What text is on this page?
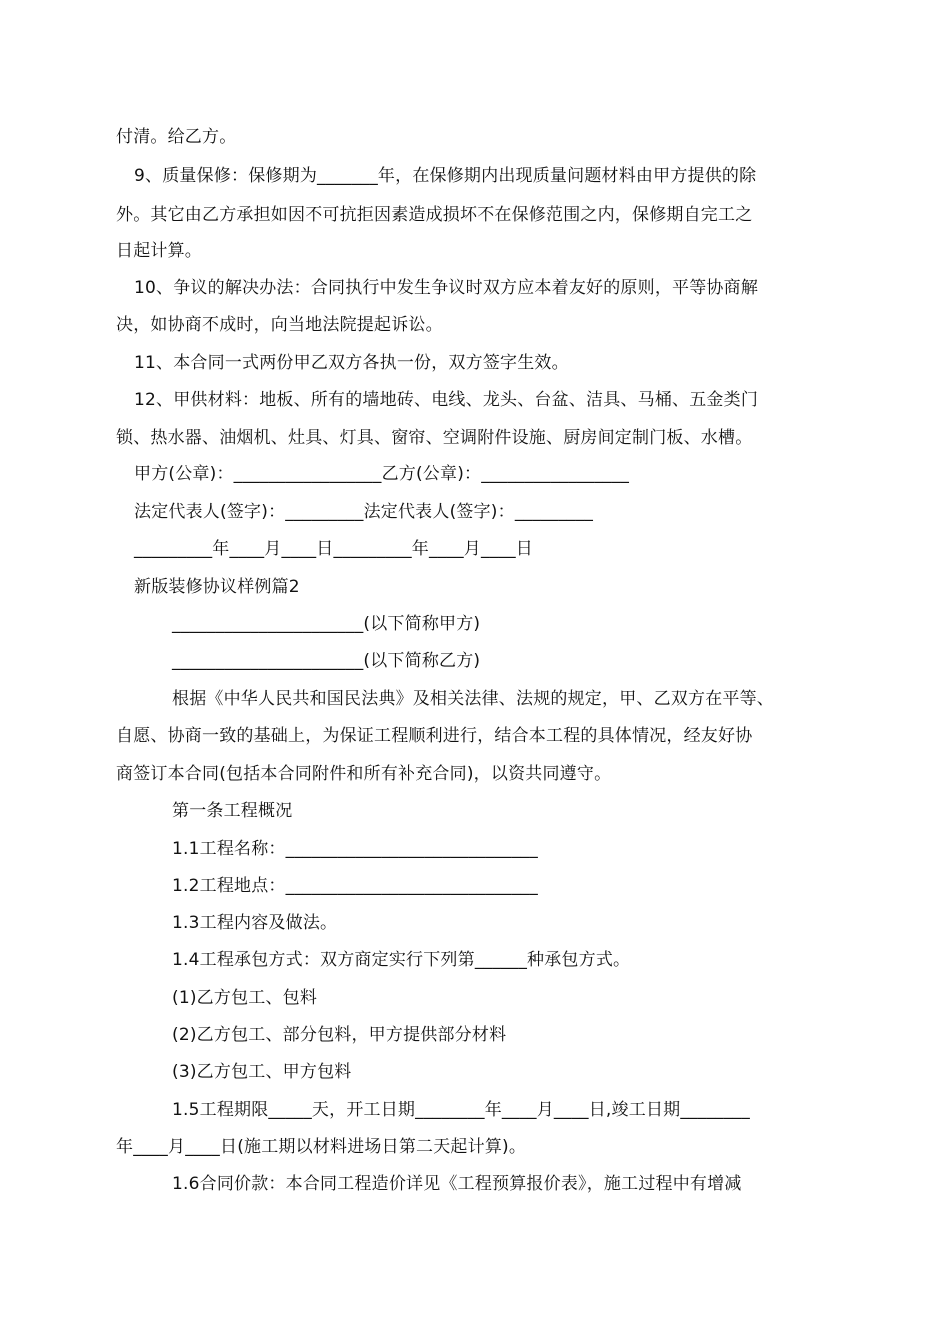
付清。给乙方。
9、质量保修：保修期为_______年，在保修期内出现质量问题材料由甲方提供的除
外。其它由乙方承担如因不可抗拒因素造成损坏不在保修范围之内，保修期自完工之
日起计算。
10、争议的解决办法：合同执行中发生争议时双方应本着友好的原则，平等协商解
决，如协商不成时，向当地法院提起诉讼。
11、本合同一式两份甲乙双方各执一份，双方签字生效。
12、甲供材料：地板、所有的墙地砖、电线、龙头、台盆、洁具、马桶、五金类门
锁、热水器、油烟机、灶具、灯具、窗帘、空调附件设施、厨房间定制门板、水槽。
甲方(公章)：_________________乙方(公章)：_________________
法定代表人(签字)：_________法定代表人(签字)：_________
_________年____月____日_________年____月____日
新版装修协议样例篇2
______________________(以下简称甲方)
______________________(以下简称乙方)
根据《中华人民共和国民法典》及相关法律、法规的规定，甲、乙双方在平等、
自愿、协商一致的基础上，为保证工程顺利进行，结合本工程的具体情况，经友好协
商签订本合同(包括本合同附件和所有补充合同)，以资共同遵守。
第一条工程概况
1.1工程名称：_____________________________
1.2工程地点：_____________________________
1.3工程内容及做法。
1.4工程承包方式：双方商定实行下列第______种承包方式。
(1)乙方包工、包料
(2)乙方包工、部分包料，甲方提供部分材料
(3)乙方包工、甲方包料
1.5工程期限_____天，开工日期________年____月____日,竣工日期________
年____月____日(施工期以材料进场日第二天起计算)。
1.6合同价款：本合同工程造价详见《工程预算报价表》，施工过程中有增减
